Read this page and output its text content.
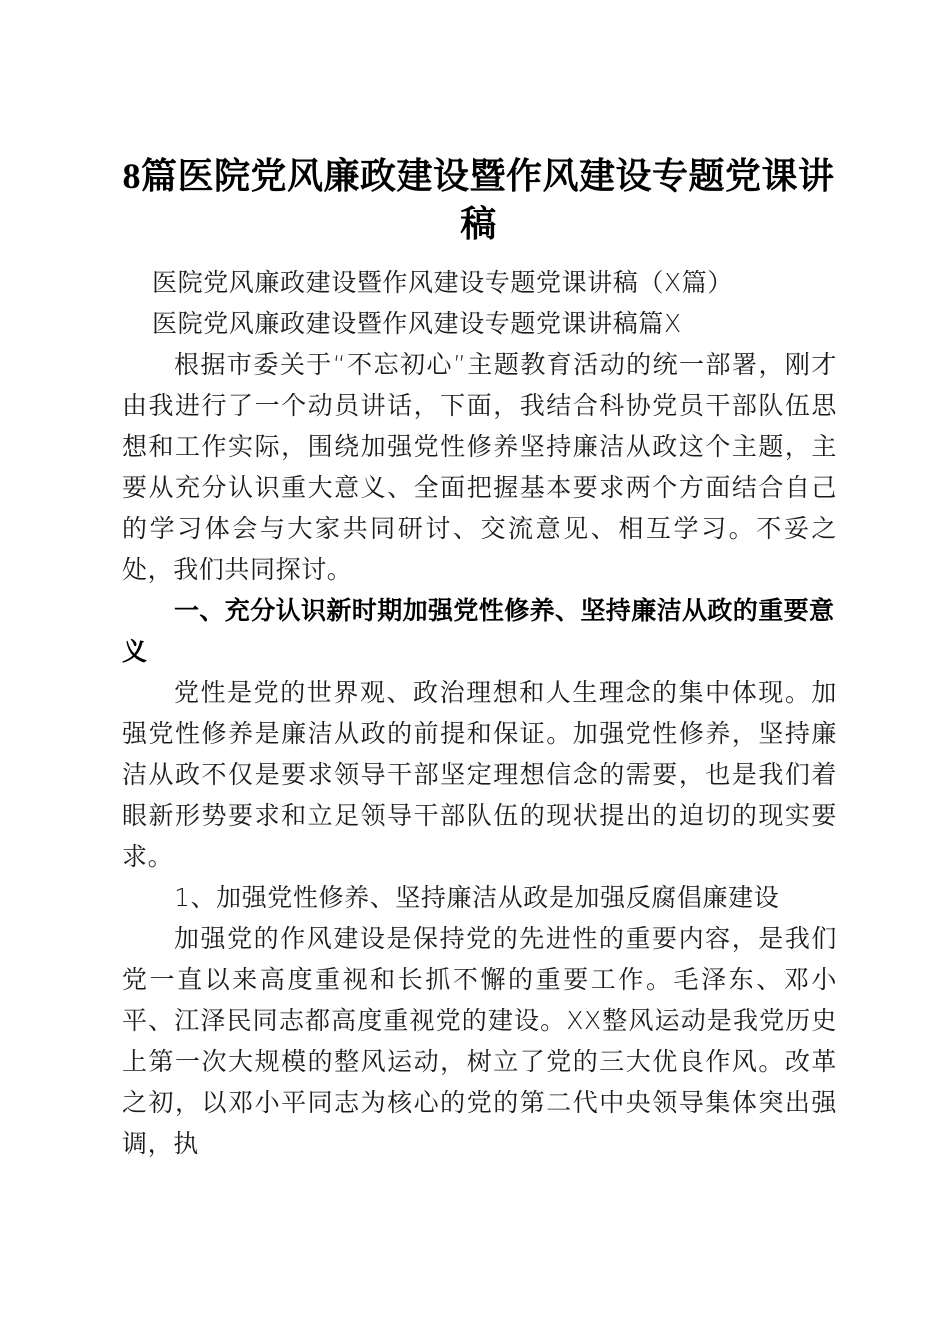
8篇医院党风廉政建设暨作风建设专题党课讲稿

医院党风廉政建设暨作风建设专题党课讲稿（X篇）

医院党风廉政建设暨作风建设专题党课讲稿篇X

根据市委关于“不忘初心”主题教育活动的统一部署，刚才由我进行了一个动员讲话，下面，我结合科协党员干部队伍思想和工作实际，围绕加强党性修养坚持廉洁从政这个主题，主要从充分认识重大意义、全面把握基本要求两个方面结合自己的学习体会与大家共同研讨、交流意见、相互学习。不妥之处，我们共同探讨。

一、充分认识新时期加强党性修养、坚持廉洁从政的重要意义

党性是党的世界观、政治理想和人生理念的集中体现。加强党性修养是廉洁从政的前提和保证。加强党性修养，坚持廉洁从政不仅是要求领导干部坚定理想信念的需要，也是我们着眼新形势要求和立足领导干部队伍的现状提出的迫切的现实要求。

1、加强党性修养、坚持廉洁从政是加强反腐倡廉建设

加强党的作风建设是保持党的先进性的重要内容，是我们党一直以来高度重视和长抓不懈的重要工作。毛泽东、邓小平、江泽民同志都高度重视党的建设。XX整风运动是我党历史上第一次大规模的整风运动，树立了党的三大优良作风。改革之初，以邓小平同志为核心的党的第二代中央领导集体突出强调，执
